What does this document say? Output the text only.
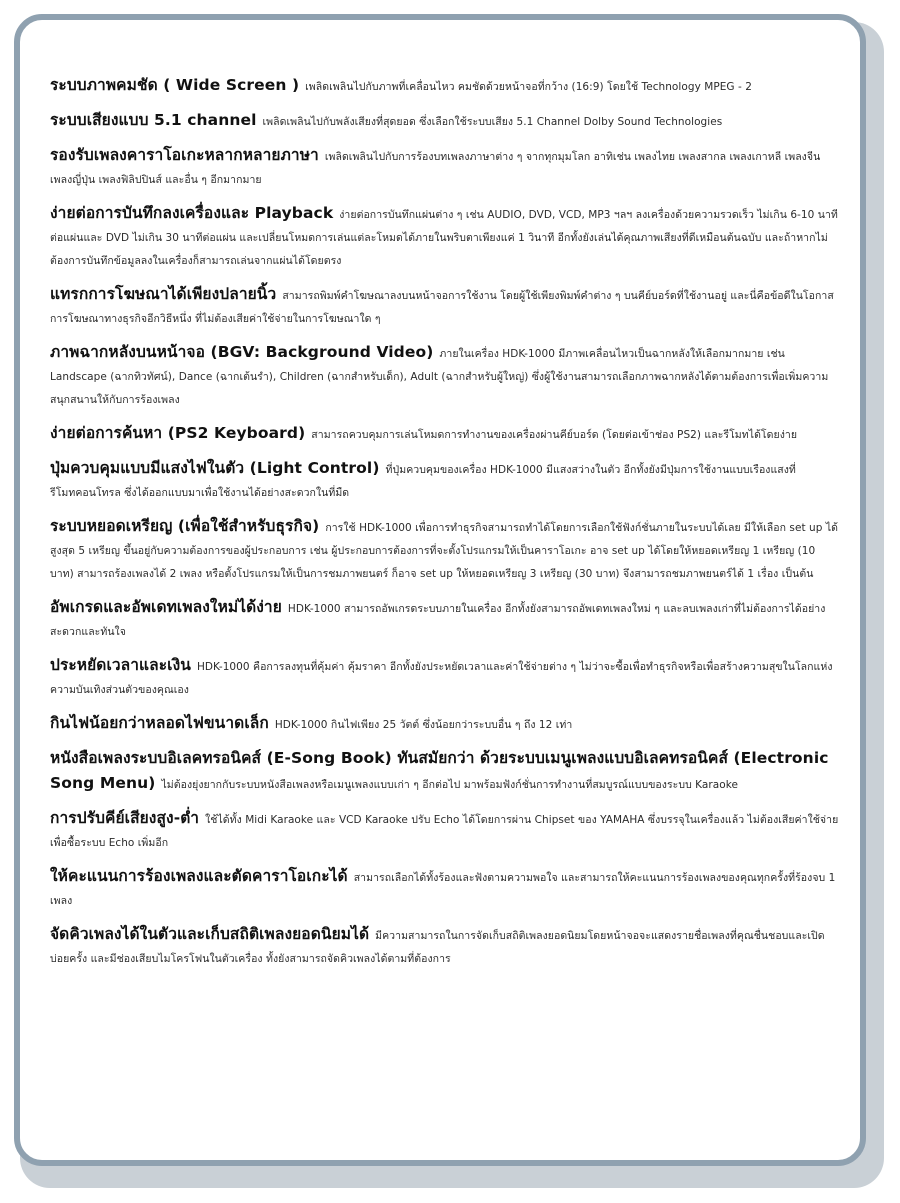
ระบบภาพคมชัด ( Wide Screen ) เพลิดเพลินไปกับภาพที่เคลื่อนไหว คมชัดด้วยหน้าจอที่กว้าง (16:9) โดยใช้ Technology MPEG - 2

ระบบเสียงแบบ 5.1 channel เพลิดเพลินไปกับพลังเสียงที่สุดยอด ซึ่งเลือกใช้ระบบเสียง 5.1 Channel Dolby Sound Technologies

รองรับเพลงคาราโอเกะหลากหลายภาษา เพลิดเพลินไปกับการร้องบทเพลงภาษาต่าง ๆ จากทุกมุมโลก อาทิเช่น เพลงไทย เพลงสากล เพลงเกาหลี เพลงจีน เพลงญี่ปุ่น เพลงฟิลิปปินส์ และอื่น ๆ อีกมากมาย

ง่ายต่อการบันทึกลงเครื่องและ Playback ง่ายต่อการบันทึกแผ่นต่าง ๆ เช่น AUDIO, DVD, VCD, MP3 ฯลฯ ลงเครื่องด้วยความรวดเร็ว ไม่เกิน 6-10 นาทีต่อแผ่นและ DVD ไม่เกิน 30 นาทีต่อแผ่น และเปลี่ยนโหมดการเล่นแต่ละโหมดได้ภายในพริบตาเพียงแค่ 1 วินาที อีกทั้งยังเล่นได้คุณภาพเสียงที่ดีเหมือนต้นฉบับ และถ้าหากไม่ต้องการบันทึกข้อมูลลงในเครื่องก็สามารถเล่นจากแผ่นได้โดยตรง

แทรกการโฆษณาได้เพียงปลายนิ้ว สามารถพิมพ์คำโฆษณาลงบนหน้าจอการใช้งาน โดยผู้ใช้เพียงพิมพ์คำต่าง ๆ บนคีย์บอร์ดที่ใช้งานอยู่ และนี่คือข้อดีในโอกาสการโฆษณาทางธุรกิจอีกวิธีหนึ่ง ที่ไม่ต้องเสียค่าใช้จ่ายในการโฆษณาใด ๆ

ภาพฉากหลังบนหน้าจอ (BGV: Background Video) ภายในเครื่อง HDK-1000 มีภาพเคลื่อนไหวเป็นฉากหลังให้เลือกมากมาย เช่น Landscape (ฉากทิวทัศน์), Dance (ฉากเต้นรำ), Children (ฉากสำหรับเด็ก), Adult (ฉากสำหรับผู้ใหญ่) ซึ่งผู้ใช้งานสามารถเลือกภาพฉากหลังได้ตามต้องการเพื่อเพิ่มความสนุกสนานให้กับการร้องเพลง

ง่ายต่อการค้นหา (PS2 Keyboard) สามารถควบคุมการเล่นโหมดการทำงานของเครื่องผ่านคีย์บอร์ด (โดยต่อเข้าช่อง PS2) และรีโมทได้โดยง่าย

ปุ่มควบคุมแบบมีแสงไฟในตัว (Light Control) ที่ปุ่มควบคุมของเครื่อง HDK-1000 มีแสงสว่างในตัว อีกทั้งยังมีปุ่มการใช้งานแบบเรืองแสงที่รีโมทคอนโทรล ซึ่งได้ออกแบบมาเพื่อใช้งานได้อย่างสะดวกในที่มืด

ระบบหยอดเหรียญ (เพื่อใช้สำหรับธุรกิจ) การใช้ HDK-1000 เพื่อการทำธุรกิจสามารถทำได้โดยการเลือกใช้ฟังก์ชั่นภายในระบบได้เลย มีให้เลือก set up ได้สูงสุด 5 เหรียญ ขึ้นอยู่กับความต้องการของผู้ประกอบการ เช่น ผู้ประกอบการต้องการที่จะตั้งโปรแกรมให้เป็นคาราโอเกะ อาจ set up ได้โดยให้หยอดเหรียญ 1 เหรียญ (10 บาท) สามารถร้องเพลงได้ 2 เพลง หรือตั้งโปรแกรมให้เป็นการชมภาพยนตร์ ก็อาจ set up ให้หยอดเหรียญ 3 เหรียญ (30 บาท) จึงสามารถชมภาพยนตร์ได้ 1 เรื่อง เป็นต้น

อัพเกรดและอัพเดทเพลงใหม่ได้ง่าย HDK-1000 สามารถอัพเกรดระบบภายในเครื่อง อีกทั้งยังสามารถอัพเดทเพลงใหม่ ๆ และลบเพลงเก่าที่ไม่ต้องการได้อย่างสะดวกและทันใจ

ประหยัดเวลาและเงิน HDK-1000 คือการลงทุนที่คุ้มค่า คุ้มราคา อีกทั้งยังประหยัดเวลาและค่าใช้จ่ายต่าง ๆ ไม่ว่าจะซื้อเพื่อทำธุรกิจหรือเพื่อสร้างความสุขในโลกแห่งความบันเทิงส่วนตัวของคุณเอง

กินไฟน้อยกว่าหลอดไฟขนาดเล็ก HDK-1000 กินไฟเพียง 25 วัตต์ ซึ่งน้อยกว่าระบบอื่น ๆ ถึง 12 เท่า

หนังสือเพลงระบบอิเลคทรอนิคส์ (E-Song Book) ทันสมัยกว่า ด้วยระบบเมนูเพลงแบบอิเลคทรอนิคส์ (Electronic Song Menu) ไม่ต้องยุ่งยากกับระบบหนังสือเพลงหรือเมนูเพลงแบบเก่า ๆ อีกต่อไป มาพร้อมฟังก์ชั่นการทำงานที่สมบูรณ์แบบของระบบ Karaoke

การปรับคีย์เสียงสูง-ต่ำ ใช้ได้ทั้ง Midi Karaoke และ VCD Karaoke ปรับ Echo ได้โดยการผ่าน Chipset ของ YAMAHA ซึ่งบรรจุในเครื่องแล้ว ไม่ต้องเสียค่าใช้จ่ายเพื่อซื้อระบบ Echo เพิ่มอีก

ให้คะแนนการร้องเพลงและตัดคาราโอเกะได้ สามารถเลือกได้ทั้งร้องและฟังตามความพอใจ และสามารถให้คะแนนการร้องเพลงของคุณทุกครั้งที่ร้องจบ 1 เพลง

จัดคิวเพลงได้ในตัวและเก็บสถิติเพลงยอดนิยมได้ มีความสามารถในการจัดเก็บสถิติเพลงยอดนิยมโดยหน้าจอจะแสดงรายชื่อเพลงที่คุณชื่นชอบและเปิดบ่อยครั้ง และมีช่องเสียบไมโครโฟนในตัวเครื่อง ทั้งยังสามารถจัดคิวเพลงได้ตามที่ต้องการ
